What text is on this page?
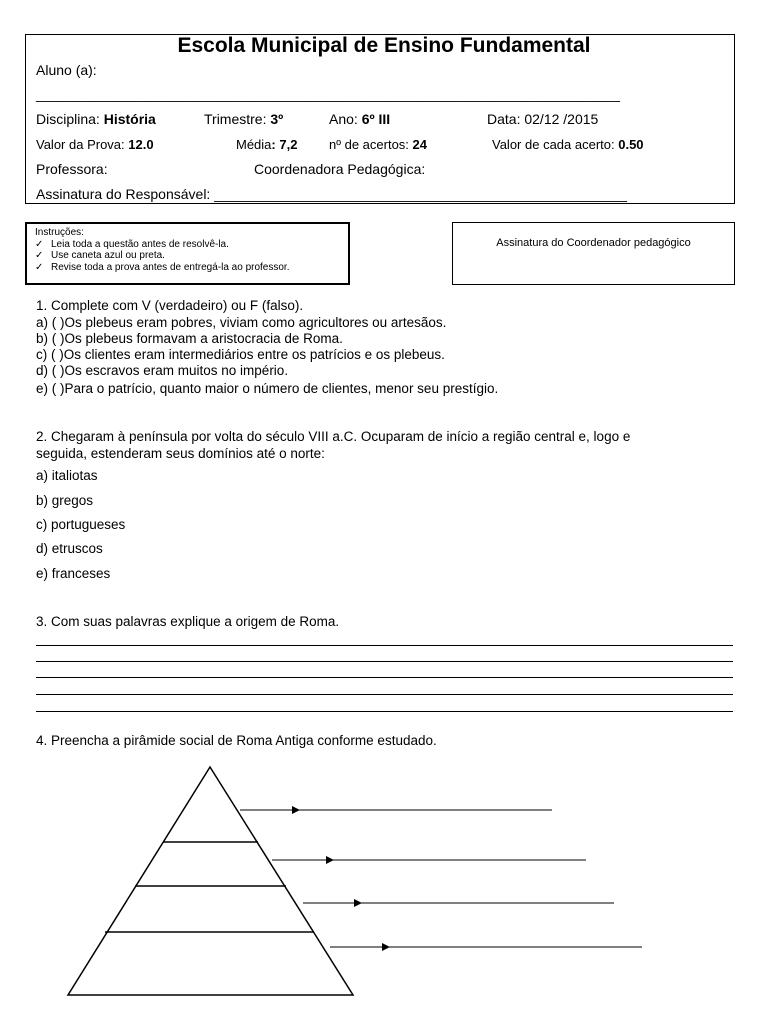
Escola Municipal de Ensino Fundamental
Aluno (a):
___________________________________________________________________________
Disciplina: História	Trimestre: 3º	Ano: 6º III	Data: 02/12 /2015
Valor da Prova: 12.0	Média: 7,2 nº de acertos: 24	Valor de cada acerto: 0.50
Professora:	Coordenadora Pedagógica:
Assinatura do Responsável: _____________________________________________________
Instruções:
✓ Leia toda a questão antes de resolvê-la.
✓ Use caneta azul ou preta.
✓ Revise toda a prova antes de entregá-la ao professor.
Assinatura do Coordenador pedagógico
1. Complete com V (verdadeiro) ou F (falso).
a) ( )Os plebeus eram pobres, viviam como agricultores ou artesãos.
b) ( )Os plebeus formavam a aristocracia de Roma.
c) ( )Os clientes eram intermediários entre os patrícios e os plebeus.
d) ( )Os escravos eram muitos no império.
e) ( )Para o patrício, quanto maior o número de clientes, menor seu prestígio.
2. Chegaram à península por volta do século VIII a.C. Ocuparam de início a região central e, logo e
seguida, estenderam seus domínios até o norte:
a) italiotas
b) gregos
c) portugueses
d) etruscos
e) franceses
3. Com suas palavras explique a origem de Roma.
4. Preencha a pirâmide social de Roma Antiga conforme estudado.
